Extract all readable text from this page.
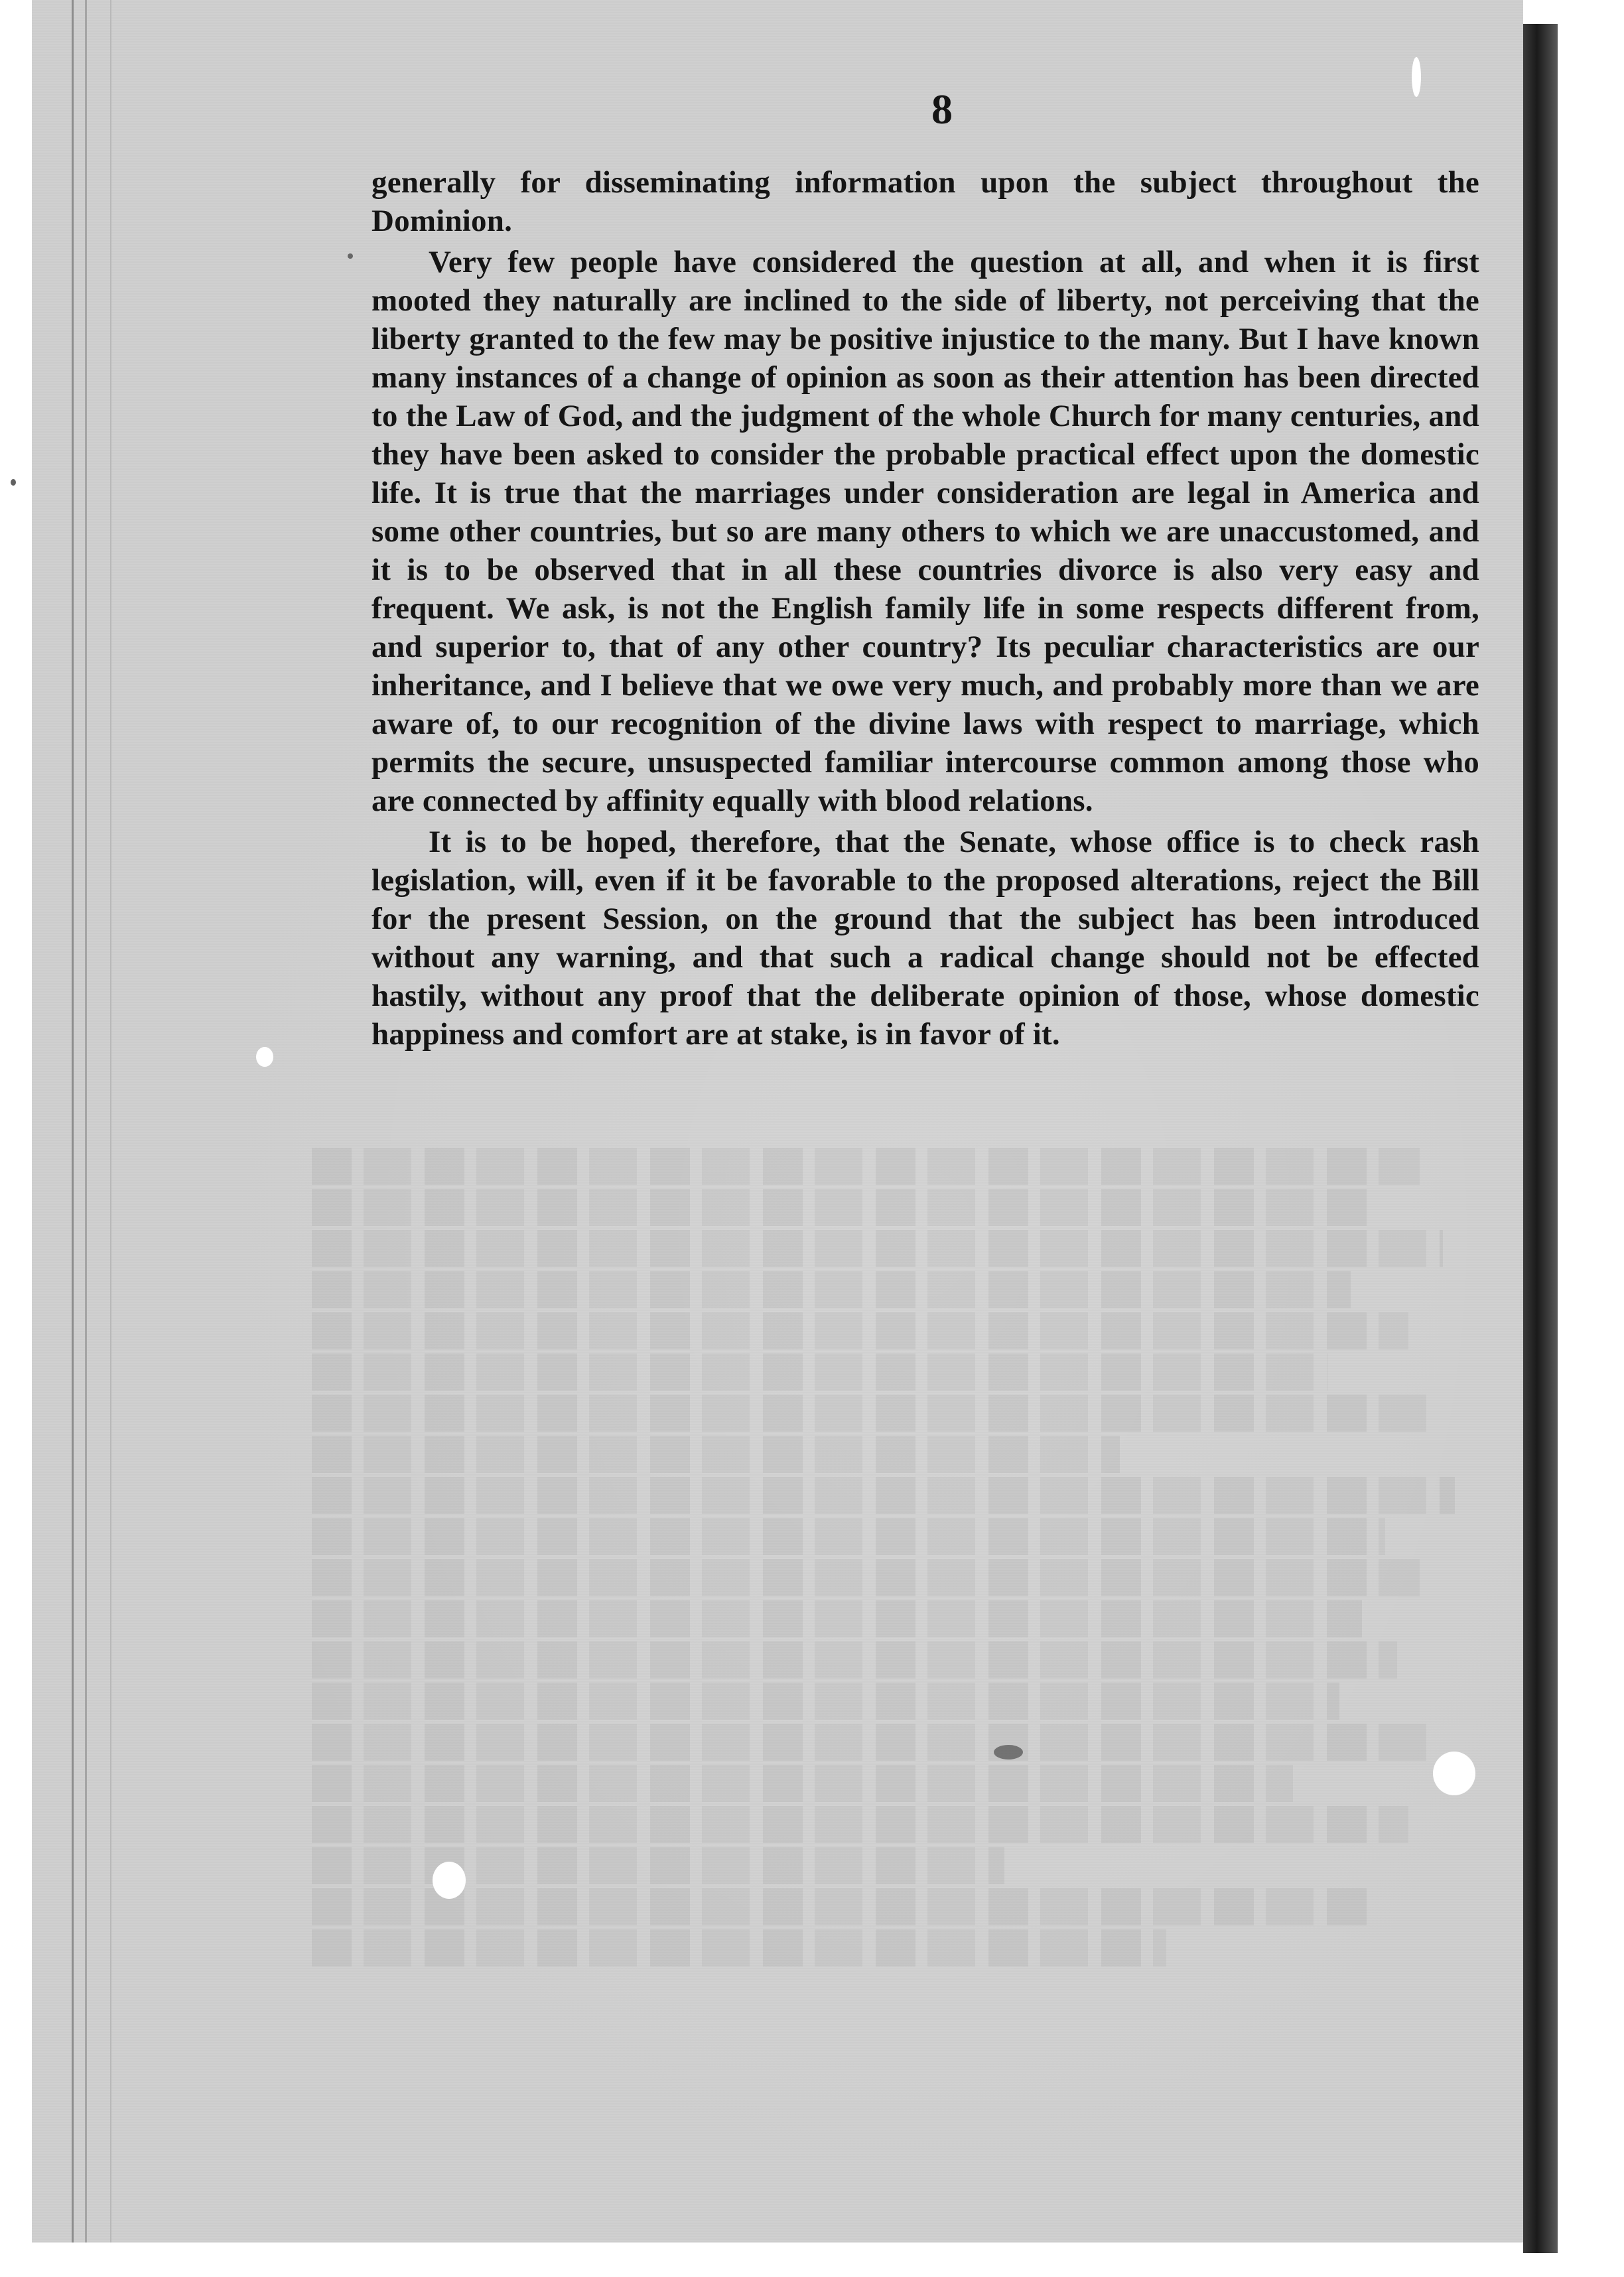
8

generally for disseminating information upon the subject throughout the Dominion.

Very few people have considered the question at all, and when it is first mooted they naturally are inclined to the side of liberty, not perceiving that the liberty granted to the few may be positive injustice to the many. But I have known many instances of a change of opinion as soon as their attention has been directed to the Law of God, and the judgment of the whole Church for many centuries, and they have been asked to consider the probable practical effect upon the domestic life. It is true that the marriages under consideration are legal in America and some other countries, but so are many others to which we are unaccustomed, and it is to be observed that in all these countries divorce is also very easy and frequent. We ask, is not the English family life in some respects different from, and superior to, that of any other country? Its peculiar characteristics are our inheritance, and I believe that we owe very much, and probably more than we are aware of, to our recognition of the divine laws with respect to marriage, which permits the secure, unsuspected familiar intercourse common among those who are connected by affinity equally with blood relations.

It is to be hoped, therefore, that the Senate, whose office is to check rash legislation, will, even if it be favorable to the proposed alterations, reject the Bill for the present Session, on the ground that the subject has been introduced without any warning, and that such a radical change should not be effected hastily, without any proof that the deliberate opinion of those, whose domestic happiness and comfort are at stake, is in favor of it.
